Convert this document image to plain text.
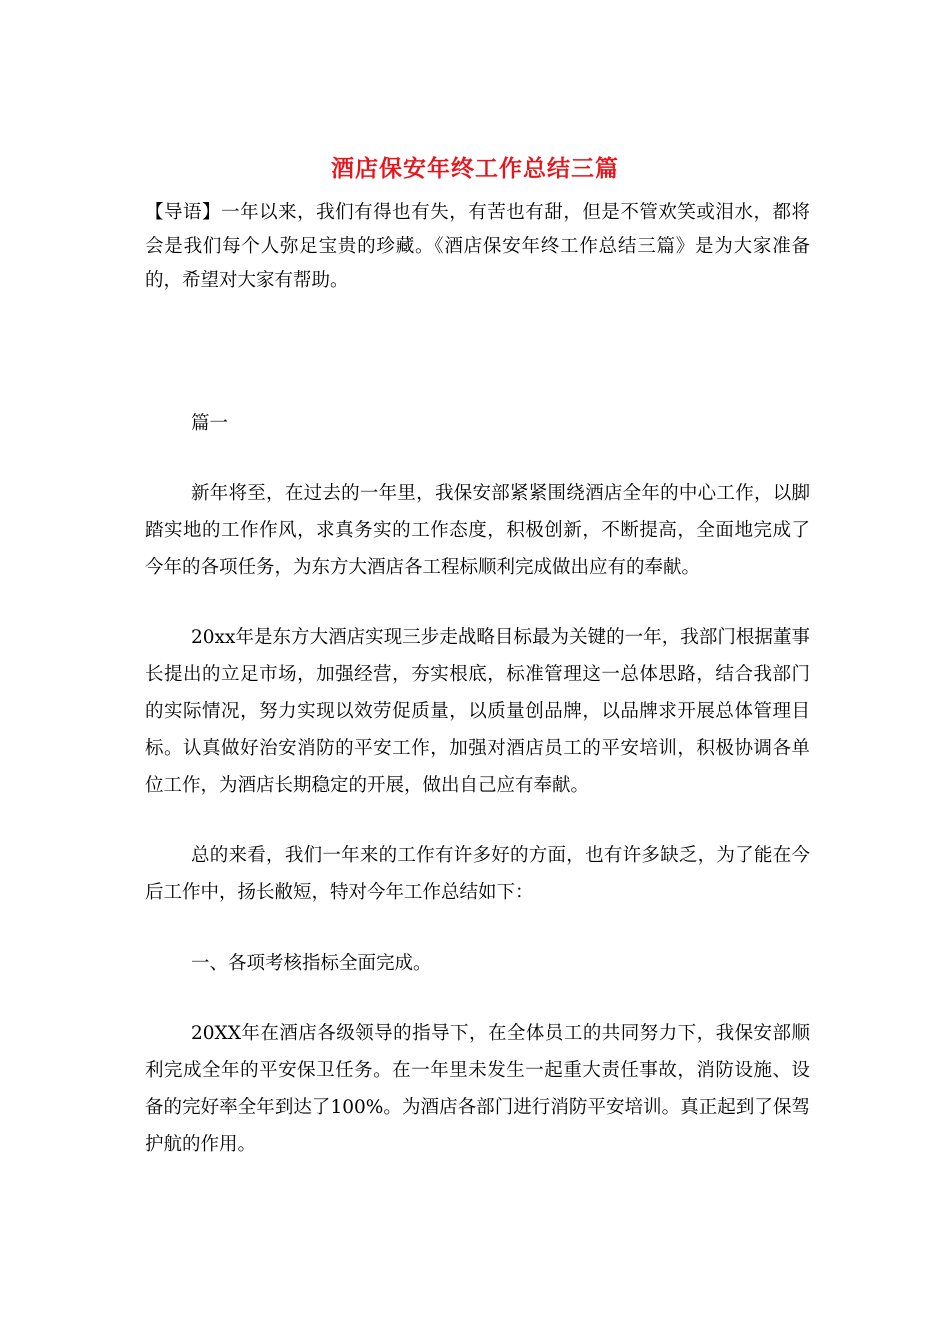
酒店保安年终工作总结三篇
【导语】一年以来，我们有得也有失，有苦也有甜，但是不管欢笑或泪水，都将会是我们每个人弥足宝贵的珍藏。《酒店保安年终工作总结三篇》是为大家准备的，希望对大家有帮助。
篇一
新年将至，在过去的一年里，我保安部紧紧围绕酒店全年的中心工作，以脚踏实地的工作作风，求真务实的工作态度，积极创新，不断提高，全面地完成了今年的各项任务，为东方大酒店各工程标顺利完成做出应有的奉献。
20xx年是东方大酒店实现三步走战略目标最为关键的一年，我部门根据董事长提出的立足市场，加强经营，夯实根底，标准管理这一总体思路，结合我部门的实际情况，努力实现以效劳促质量，以质量创品牌，以品牌求开展总体管理目标。认真做好治安消防的平安工作，加强对酒店员工的平安培训，积极协调各单位工作，为酒店长期稳定的开展，做出自己应有奉献。
总的来看，我们一年来的工作有许多好的方面，也有许多缺乏，为了能在今后工作中，扬长敝短，特对今年工作总结如下：
一、各项考核指标全面完成。
20XX年在酒店各级领导的指导下，在全体员工的共同努力下，我保安部顺利完成全年的平安保卫任务。在一年里未发生一起重大责任事故，消防设施、设备的完好率全年到达了100%。为酒店各部门进行消防平安培训。真正起到了保驾护航的作用。
